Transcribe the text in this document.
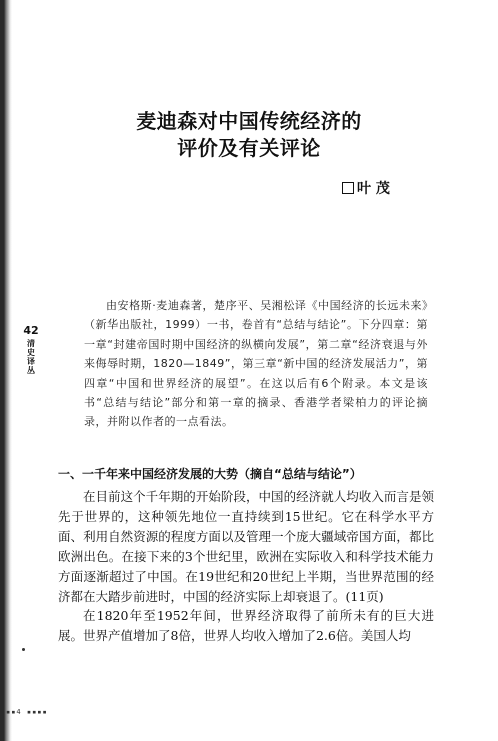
麦迪森对中国传统经济的
评价及有关评论
叶 茂
42
清史译丛

由安格斯·麦迪森著，楚序平、吴湘松译《中国经济的长远未来》（新华出版社，1999）一书，卷首有“总结与结论”。下分四章：第一章“封建帝国时期中国经济的纵横向发展”，第二章“经济衰退与外来侮辱时期，1820—1849”，第三章“新中国的经济发展活力”，第四章“中国和世界经济的展望”。在这以后有6个附录。本文是该书“总结与结论”部分和第一章的摘录、香港学者梁柏力的评论摘录，并附以作者的一点看法。

一、一千年来中国经济发展的大势（摘自“总结与结论”）

在目前这个千年期的开始阶段，中国的经济就人均收入而言是领先于世界的，这种领先地位一直持续到15世纪。它在科学水平方面、利用自然资源的程度方面以及管理一个庞大疆域帝国方面，都比欧洲出色。在接下来的3个世纪里，欧洲在实际收入和科学技术能力方面逐渐超过了中国。在19世纪和20世纪上半期，当世界范围的经济都在大踏步前进时，中国的经济实际上却衰退了。(11页)

在1820年至1952年间，世界经济取得了前所未有的巨大进展。世界产值增加了8倍，世界人均收入增加了2.6倍。美国人均

▪▪4 ▪▪▪▪
